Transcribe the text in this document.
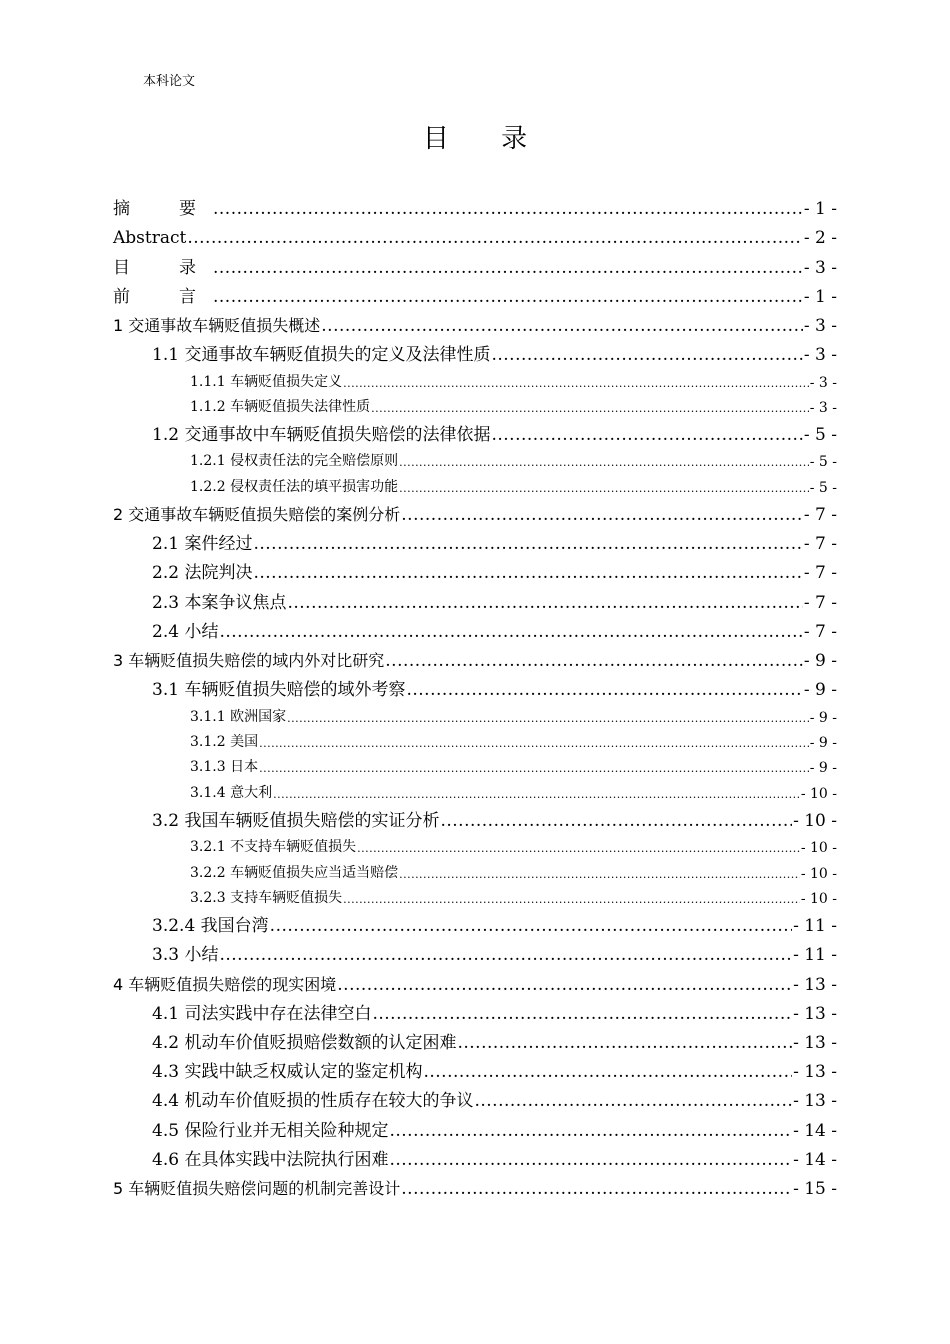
本科论文
目 录
摘　要 .....	- 1 -
Abstract .....	- 2 -
目　录 .....	- 3 -
前　言 .....	- 1 -
1 交通事故车辆贬值损失概述 .....	- 3 -
1.1 交通事故车辆贬值损失的定义及法律性质 .....	- 3 -
1.1.1 车辆贬值损失定义 .....	- 3 -
1.1.2 车辆贬值损失法律性质 .....	- 3 -
1.2 交通事故中车辆贬值损失赔偿的法律依据 .....	- 5 -
1.2.1 侵权责任法的完全赔偿原则 .....	- 5 -
1.2.2 侵权责任法的填平损害功能 .....	- 5 -
2 交通事故车辆贬值损失赔偿的案例分析 .....	- 7 -
2.1 案件经过 .....	- 7 -
2.2 法院判决 .....	- 7 -
2.3 本案争议焦点 .....	- 7 -
2.4 小结 .....	- 7 -
3 车辆贬值损失赔偿的域内外对比研究 .....	- 9 -
3.1 车辆贬值损失赔偿的域外考察 .....	- 9 -
3.1.1 欧洲国家 .....	- 9 -
3.1.2 美国 .....	- 9 -
3.1.3 日本 .....	- 9 -
3.1.4 意大利 .....	- 10 -
3.2 我国车辆贬值损失赔偿的实证分析 .....	- 10 -
3.2.1 不支持车辆贬值损失 .....	- 10 -
3.2.2 车辆贬值损失应当适当赔偿 .....	- 10 -
3.2.3 支持车辆贬值损失 .....	- 10 -
3.2.4 我国台湾 .....	- 11 -
3.3 小结 .....	- 11 -
4 车辆贬值损失赔偿的现实困境 .....	- 13 -
4.1 司法实践中存在法律空白 .....	- 13 -
4.2 机动车价值贬损赔偿数额的认定困难 .....	- 13 -
4.3 实践中缺乏权威认定的鉴定机构 .....	- 13 -
4.4 机动车价值贬损的性质存在较大的争议 .....	- 13 -
4.5 保险行业并无相关险种规定 .....	- 14 -
4.6 在具体实践中法院执行困难 .....	- 14 -
5 车辆贬值损失赔偿问题的机制完善设计 .....	- 15 -
